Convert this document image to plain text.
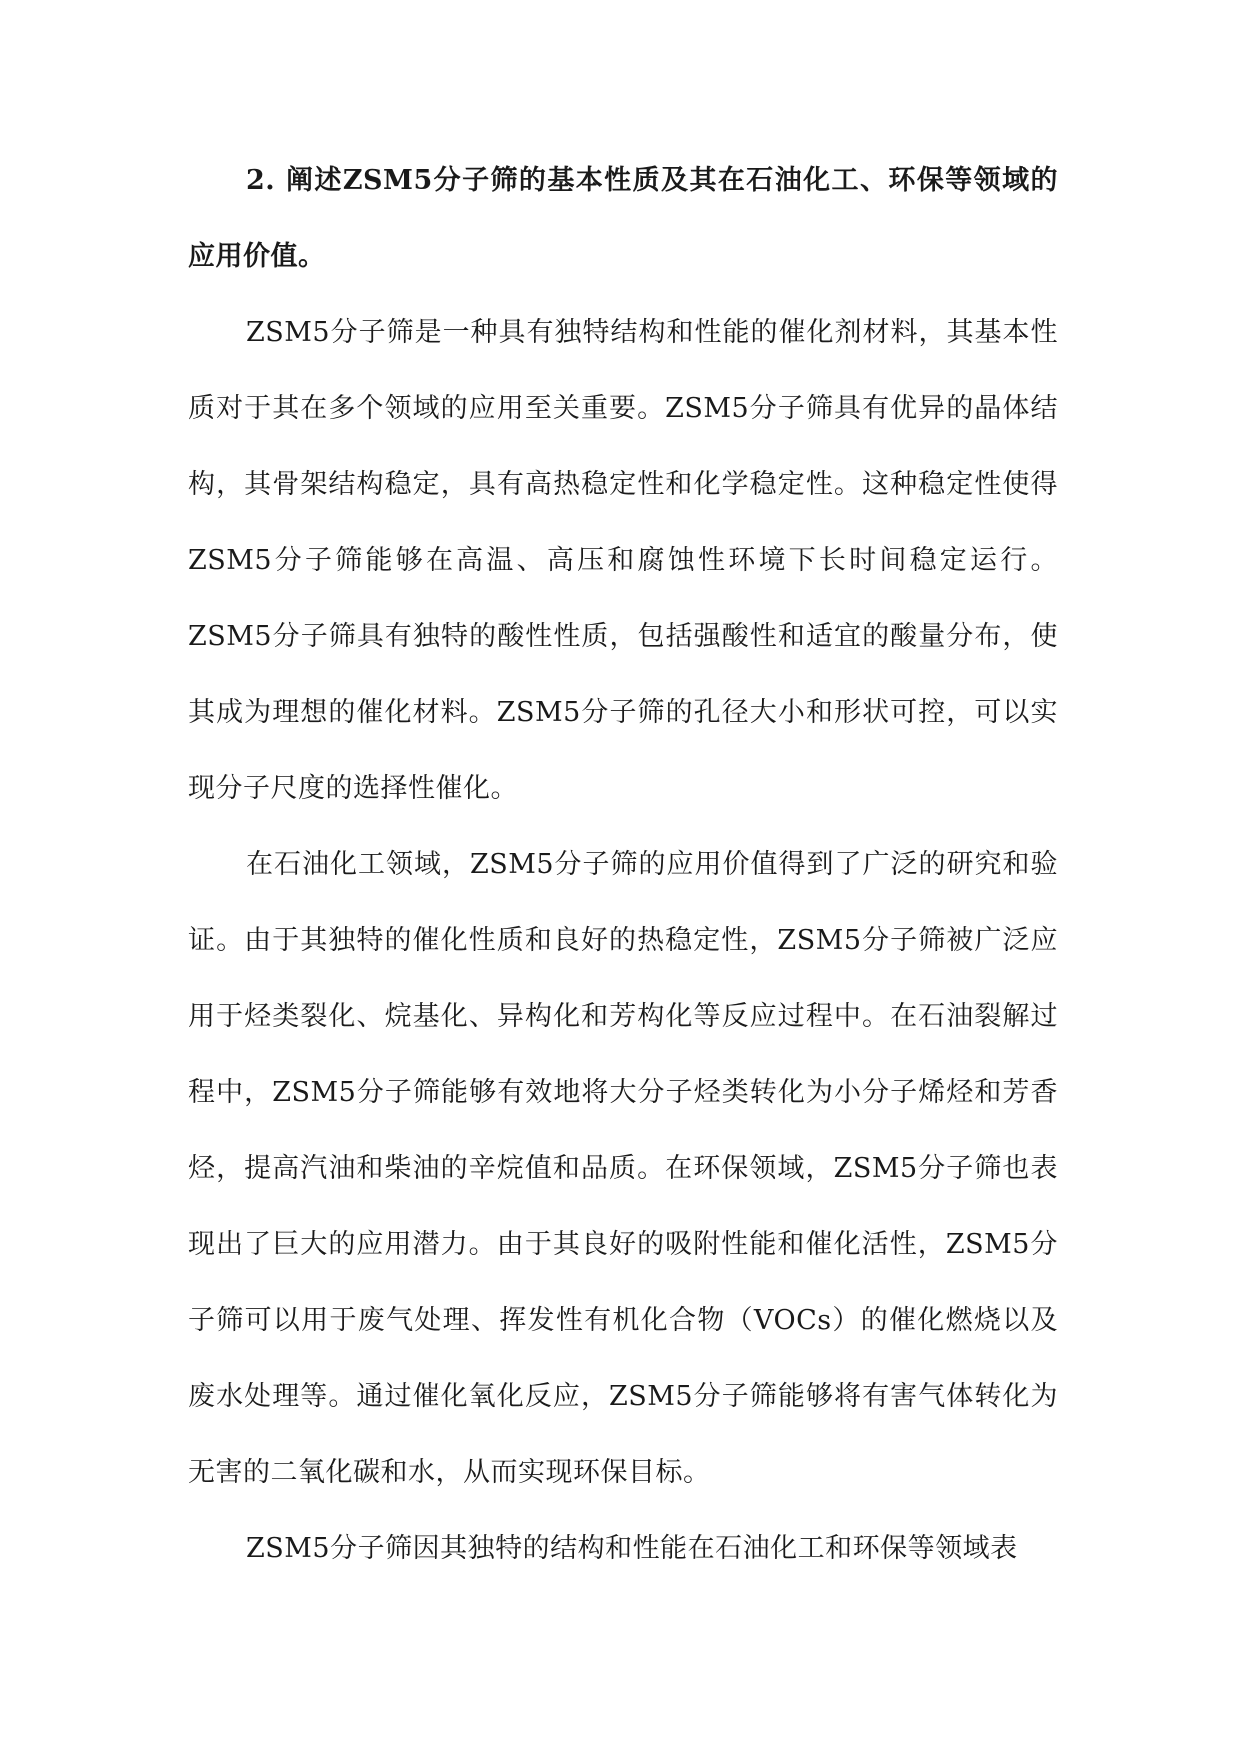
2. 阐述ZSM5分子筛的基本性质及其在石油化工、环保等领域的应用价值。

ZSM5分子筛是一种具有独特结构和性能的催化剂材料，其基本性质对于其在多个领域的应用至关重要。ZSM5分子筛具有优异的晶体结构，其骨架结构稳定，具有高热稳定性和化学稳定性。这种稳定性使得ZSM5分子筛能够在高温、高压和腐蚀性环境下长时间稳定运行。ZSM5分子筛具有独特的酸性性质，包括强酸性和适宜的酸量分布，使其成为理想的催化材料。ZSM5分子筛的孔径大小和形状可控，可以实现分子尺度的选择性催化。

在石油化工领域，ZSM5分子筛的应用价值得到了广泛的研究和验证。由于其独特的催化性质和良好的热稳定性，ZSM5分子筛被广泛应用于烃类裂化、烷基化、异构化和芳构化等反应过程中。在石油裂解过程中，ZSM5分子筛能够有效地将大分子烃类转化为小分子烯烃和芳香烃，提高汽油和柴油的辛烷值和品质。在环保领域，ZSM5分子筛也表现出了巨大的应用潜力。由于其良好的吸附性能和催化活性，ZSM5分子筛可以用于废气处理、挥发性有机化合物（VOCs）的催化燃烧以及废水处理等。通过催化氧化反应，ZSM5分子筛能够将有害气体转化为无害的二氧化碳和水，从而实现环保目标。

ZSM5分子筛因其独特的结构和性能在石油化工和环保等领域表
